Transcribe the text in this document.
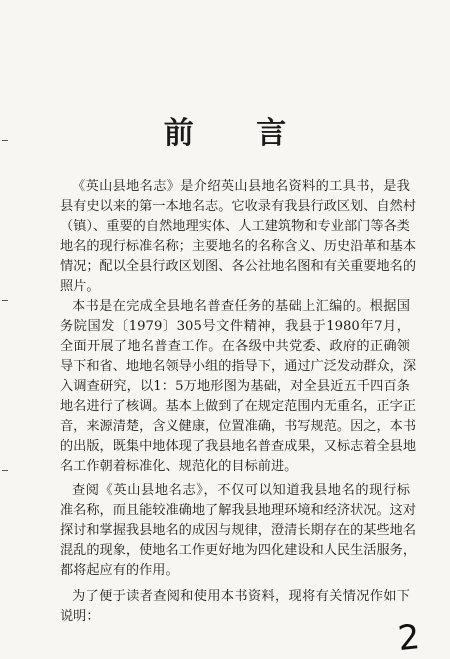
前 言
《英山县地名志》是介绍英山县地名资料的工具书，是我
县有史以来的第一本地名志。它收录有我县行政区划、自然村
（镇）、重要的自然地理实体、人工建筑物和专业部门等各类
地名的现行标准名称；主要地名的名称含义、历史沿革和基本
情况；配以全县行政区划图、各公社地名图和有关重要地名的
照片。
本书是在完成全县地名普查任务的基础上汇编的。根据国
务院国发〔1979〕305号文件精神，我县于1980年7月，
全面开展了地名普查工作。在各级中共党委、政府的正确领
导下和省、地地名领导小组的指导下，通过广泛发动群众，深
入调查研究，以1：5万地形图为基础，对全县近五千四百条
地名进行了核调。基本上做到了在规定范围内无重名，正字正
音，来源清楚，含义健康，位置准确，书写规范。因之，本书
的出版，既集中地体现了我县地名普查成果，又标志着全县地
名工作朝着标准化、规范化的目标前进。
查阅《英山县地名志》，不仅可以知道我县地名的现行标
准名称，而且能较准确地了解我县地理环境和经济状况。这对
探讨和掌握我县地名的成因与规律，澄清长期存在的某些地名
混乱的现象，使地名工作更好地为四化建设和人民生活服务，
都将起应有的作用。
为了便于读者查阅和使用本书资料，现将有关情况作如下
说明：
2
